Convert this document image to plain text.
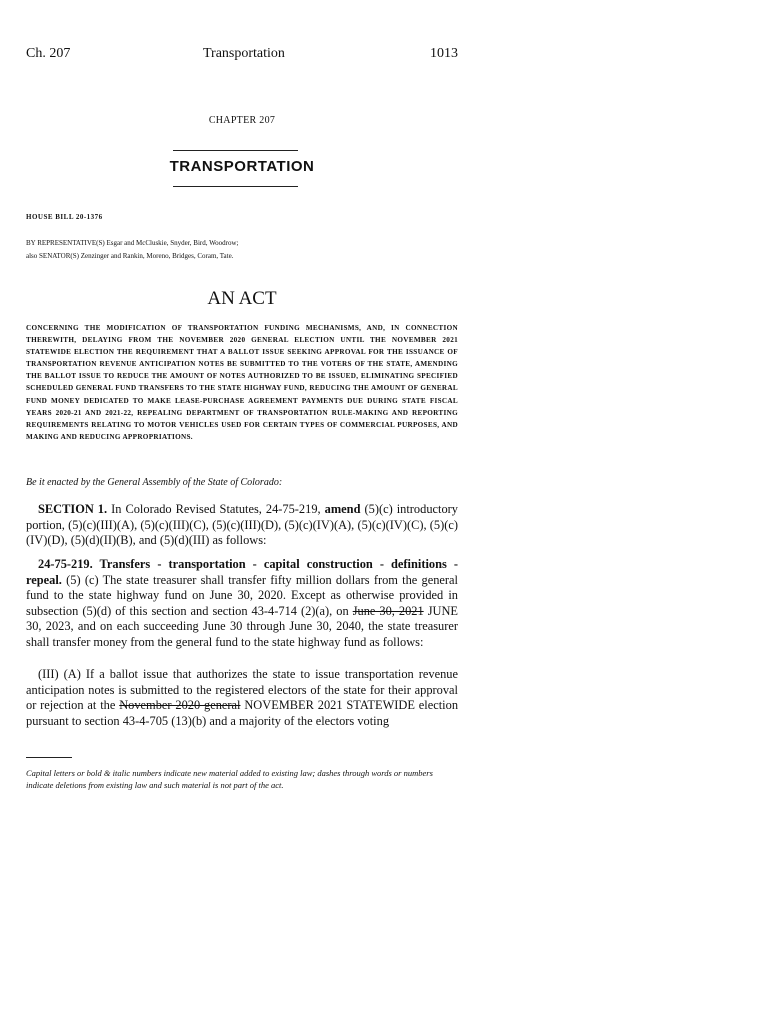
Ch. 207	Transportation	1013
CHAPTER 207
TRANSPORTATION
HOUSE BILL 20-1376
BY REPRESENTATIVE(S) Esgar and McCluskie, Snyder, Bird, Woodrow;
also SENATOR(S) Zenzinger and Rankin, Moreno, Bridges, Coram, Tate.
AN ACT
CONCERNING THE MODIFICATION OF TRANSPORTATION FUNDING MECHANISMS, AND, IN CONNECTION THEREWITH, DELAYING FROM THE NOVEMBER 2020 GENERAL ELECTION UNTIL THE NOVEMBER 2021 STATEWIDE ELECTION THE REQUIREMENT THAT A BALLOT ISSUE SEEKING APPROVAL FOR THE ISSUANCE OF TRANSPORTATION REVENUE ANTICIPATION NOTES BE SUBMITTED TO THE VOTERS OF THE STATE, AMENDING THE BALLOT ISSUE TO REDUCE THE AMOUNT OF NOTES AUTHORIZED TO BE ISSUED, ELIMINATING SPECIFIED SCHEDULED GENERAL FUND TRANSFERS TO THE STATE HIGHWAY FUND, REDUCING THE AMOUNT OF GENERAL FUND MONEY DEDICATED TO MAKE LEASE-PURCHASE AGREEMENT PAYMENTS DUE DURING STATE FISCAL YEARS 2020-21 AND 2021-22, REPEALING DEPARTMENT OF TRANSPORTATION RULE-MAKING AND REPORTING REQUIREMENTS RELATING TO MOTOR VEHICLES USED FOR CERTAIN TYPES OF COMMERCIAL PURPOSES, AND MAKING AND REDUCING APPROPRIATIONS.
Be it enacted by the General Assembly of the State of Colorado:
SECTION 1. In Colorado Revised Statutes, 24-75-219, amend (5)(c) introductory portion, (5)(c)(III)(A), (5)(c)(III)(C), (5)(c)(III)(D), (5)(c)(IV)(A), (5)(c)(IV)(C), (5)(c)(IV)(D), (5)(d)(II)(B), and (5)(d)(III) as follows:
24-75-219. Transfers - transportation - capital construction - definitions - repeal. (5) (c) The state treasurer shall transfer fifty million dollars from the general fund to the state highway fund on June 30, 2020. Except as otherwise provided in subsection (5)(d) of this section and section 43-4-714 (2)(a), on June 30, 2021 JUNE 30, 2023, and on each succeeding June 30 through June 30, 2040, the state treasurer shall transfer money from the general fund to the state highway fund as follows:
(III) (A) If a ballot issue that authorizes the state to issue transportation revenue anticipation notes is submitted to the registered electors of the state for their approval or rejection at the November 2020 general NOVEMBER 2021 STATEWIDE election pursuant to section 43-4-705 (13)(b) and a majority of the electors voting
Capital letters or bold & italic numbers indicate new material added to existing law; dashes through words or numbers indicate deletions from existing law and such material is not part of the act.
